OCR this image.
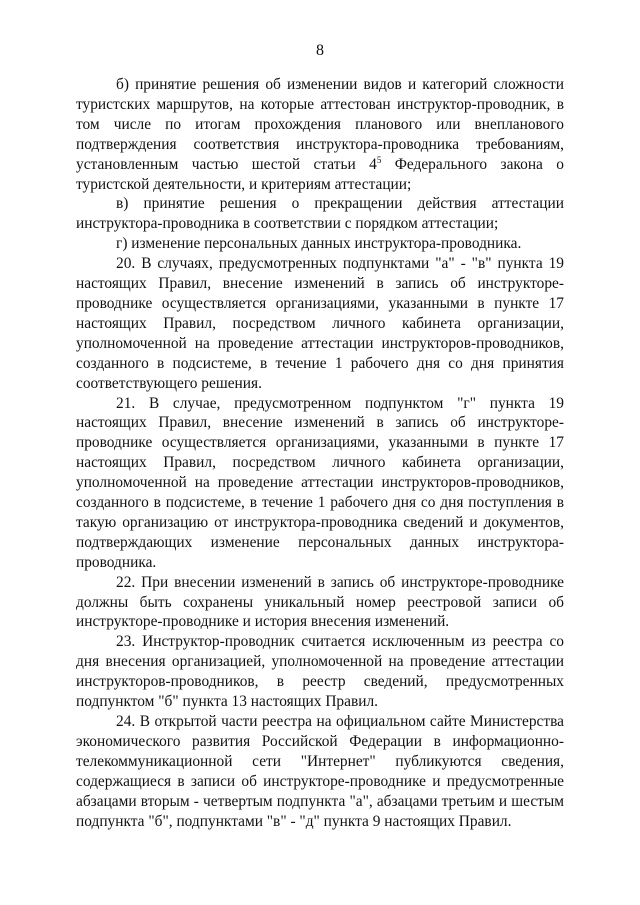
8

б) принятие решения об изменении видов и категорий сложности туристских маршрутов, на которые аттестован инструктор-проводник, в том числе по итогам прохождения планового или внепланового подтверждения соответствия инструктора-проводника требованиям, установленным частью шестой статьи $4^5$ Федерального закона о туристской деятельности, и критериям аттестации;

в) принятие решения о прекращении действия аттестации инструктора-проводника в соответствии с порядком аттестации;

г) изменение персональных данных инструктора-проводника.

20. В случаях, предусмотренных подпунктами "а" - "в" пункта 19 настоящих Правил, внесение изменений в запись об инструкторе-проводнике осуществляется организациями, указанными в пункте 17 настоящих Правил, посредством личного кабинета организации, уполномоченной на проведение аттестации инструкторов-проводников, созданного в подсистеме, в течение 1 рабочего дня со дня принятия соответствующего решения.

21. В случае, предусмотренном подпунктом "г" пункта 19 настоящих Правил, внесение изменений в запись об инструкторе-проводнике осуществляется организациями, указанными в пункте 17 настоящих Правил, посредством личного кабинета организации, уполномоченной на проведение аттестации инструкторов-проводников, созданного в подсистеме, в течение 1 рабочего дня со дня поступления в такую организацию от инструктора-проводника сведений и документов, подтверждающих изменение персональных данных инструктора-проводника.

22. При внесении изменений в запись об инструкторе-проводнике должны быть сохранены уникальный номер реестровой записи об инструкторе-проводнике и история внесения изменений.

23. Инструктор-проводник считается исключенным из реестра со дня внесения организацией, уполномоченной на проведение аттестации инструкторов-проводников, в реестр сведений, предусмотренных подпунктом "б" пункта 13 настоящих Правил.

24. В открытой части реестра на официальном сайте Министерства экономического развития Российской Федерации в информационно-телекоммуникационной сети "Интернет" публикуются сведения, содержащиеся в записи об инструкторе-проводнике и предусмотренные абзацами вторым - четвертым подпункта "а", абзацами третьим и шестым подпункта "б", подпунктами "в" - "д" пункта 9 настоящих Правил.
